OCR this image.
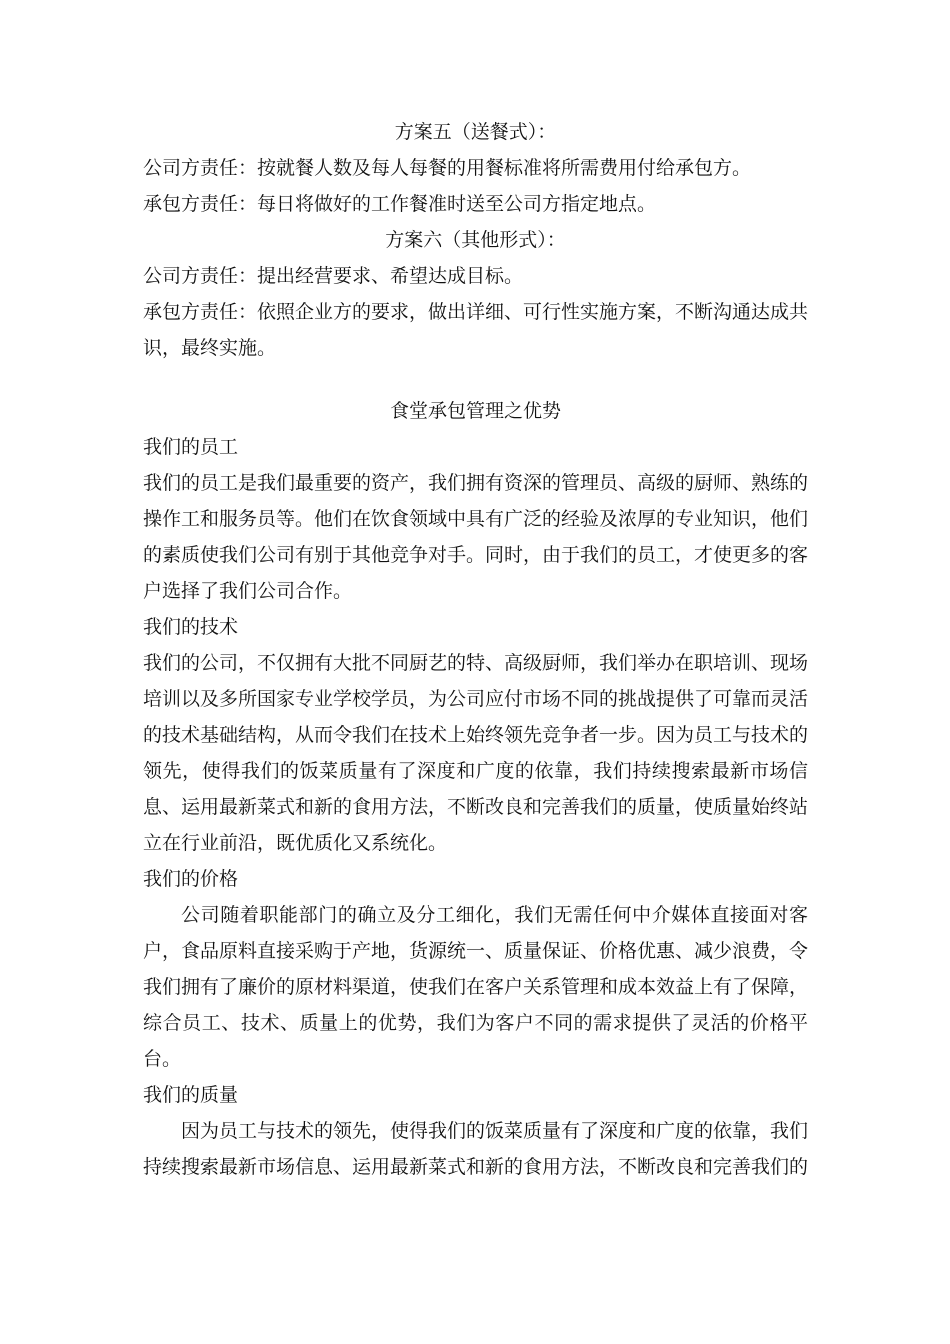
方案五（送餐式）：

公司方责任：按就餐人数及每人每餐的用餐标准将所需费用付给承包方。

承包方责任：每日将做好的工作餐准时送至公司方指定地点。

方案六（其他形式）：

公司方责任：提出经营要求、希望达成目标。

承包方责任：依照企业方的要求，做出详细、可行性实施方案，不断沟通达成共识，最终实施。

食堂承包管理之优势

我们的员工

我们的员工是我们最重要的资产，我们拥有资深的管理员、高级的厨师、熟练的操作工和服务员等。他们在饮食领域中具有广泛的经验及浓厚的专业知识，他们的素质使我们公司有别于其他竞争对手。同时，由于我们的员工，才使更多的客户选择了我们公司合作。

我们的技术

我们的公司，不仅拥有大批不同厨艺的特、高级厨师，我们举办在职培训、现场培训以及多所国家专业学校学员，为公司应付市场不同的挑战提供了可靠而灵活的技术基础结构，从而令我们在技术上始终领先竞争者一步。因为员工与技术的领先，使得我们的饭菜质量有了深度和广度的依靠，我们持续搜索最新市场信息、运用最新菜式和新的食用方法，不断改良和完善我们的质量，使质量始终站立在行业前沿，既优质化又系统化。

我们的价格

公司随着职能部门的确立及分工细化，我们无需任何中介媒体直接面对客户，食品原料直接采购于产地，货源统一、质量保证、价格优惠、减少浪费，令我们拥有了廉价的原材料渠道，使我们在客户关系管理和成本效益上有了保障，综合员工、技术、质量上的优势，我们为客户不同的需求提供了灵活的价格平台。

我们的质量

因为员工与技术的领先，使得我们的饭菜质量有了深度和广度的依靠，我们持续搜索最新市场信息、运用最新菜式和新的食用方法，不断改良和完善我们的
